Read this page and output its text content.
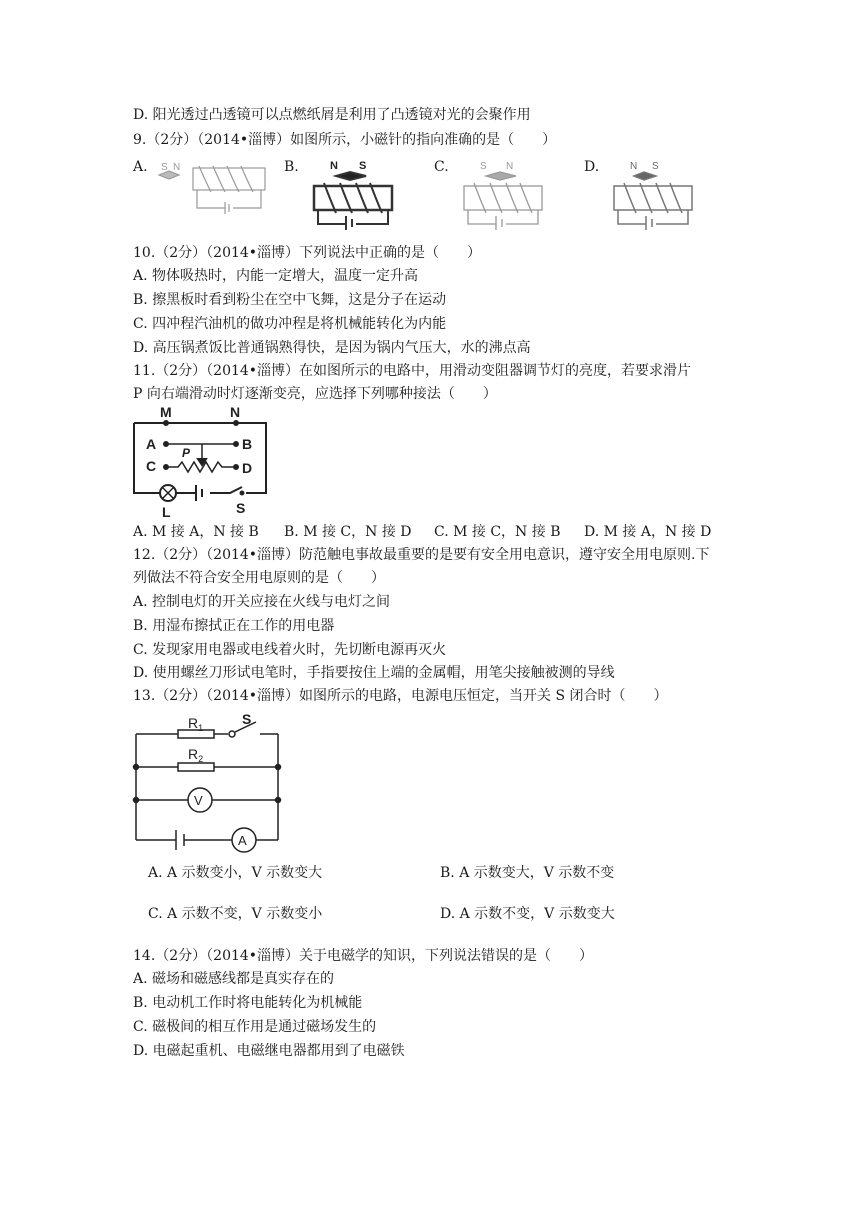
D. 阳光透过凸透镜可以点燃纸屑是利用了凸透镜对光的会聚作用
9.（2分）（2014•淄博）如图所示，小磁针的指向准确的是（　　）
A.	B.	C.	D.
S N	N S	S N	N S
10.（2分）（2014•淄博）下列说法中正确的是（　　）
A. 物体吸热时，内能一定增大，温度一定升高
B. 擦黑板时看到粉尘在空中飞舞，这是分子在运动
C. 四冲程汽油机的做功冲程是将机械能转化为内能
D. 高压锅煮饭比普通锅熟得快，是因为锅内气压大，水的沸点高
11.（2分）（2014•淄博）在如图所示的电路中，用滑动变阻器调节灯的亮度，若要求滑片
P 向右端滑动时灯逐渐变亮，应选择下列哪种接法（　　）
M	N
A	B
C	D
P
L	S
A. M 接 A，N 接 B B. M 接 C，N 接 D C. M 接 C，N 接 B D. M 接 A，N 接 D
12.（2分）（2014•淄博）防范触电事故最重要的是要有安全用电意识，遵守安全用电原则.下
列做法不符合安全用电原则的是（　　）
A. 控制电灯的开关应接在火线与电灯之间
B. 用湿布擦拭正在工作的用电器
C. 发现家用电器或电线着火时，先切断电源再灭火
D. 使用螺丝刀形试电笔时，手指要按住上端的金属帽，用笔尖接触被测的导线
13.（2分）（2014•淄博）如图所示的电路，电源电压恒定，当开关 S 闭合时（　　）
$R_1$
S
$R_2$
V
A
A. A 示数变小，V 示数变大	B. A 示数变大，V 示数不变
C. A 示数不变，V 示数变小	D. A 示数不变，V 示数变大
14.（2分）（2014•淄博）关于电磁学的知识，下列说法错误的是（　　）
A. 磁场和磁感线都是真实存在的
B. 电动机工作时将电能转化为机械能
C. 磁极间的相互作用是通过磁场发生的
D. 电磁起重机、电磁继电器都用到了电磁铁
